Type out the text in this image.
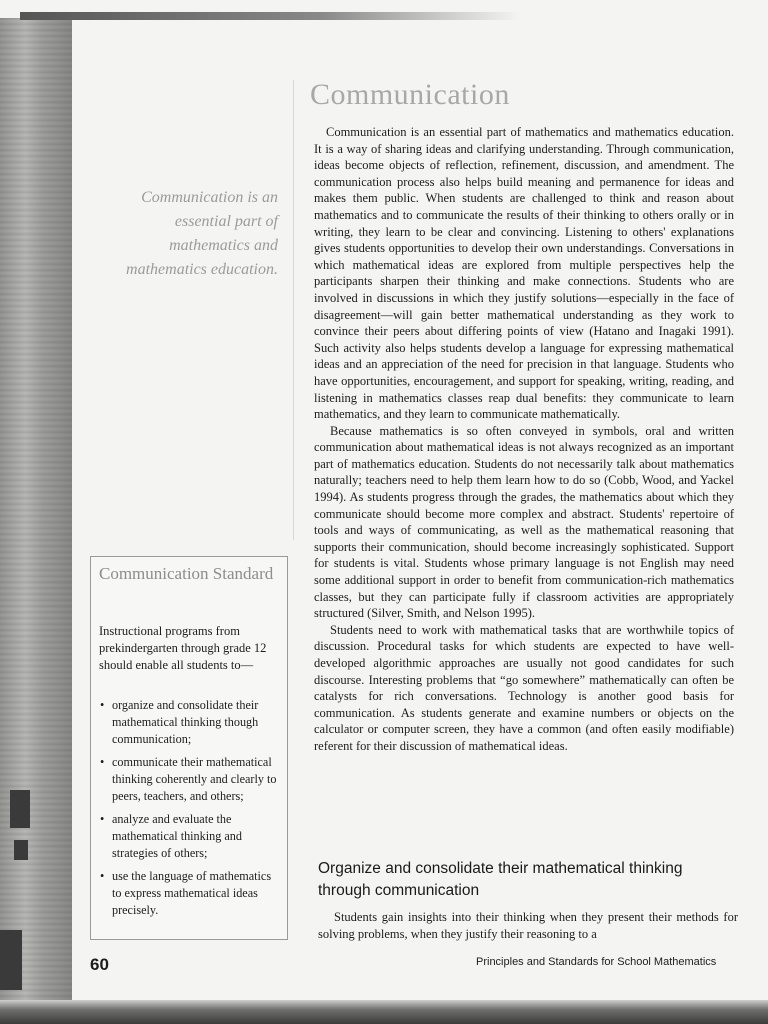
Communication is an
essential part of
mathematics and
mathematics education.
Communication

Communication is an essential part of mathematics and mathematics education. It is a way of sharing ideas and clarifying understanding. Through communication, ideas become objects of reflection, refinement, discussion, and amendment. The communication process also helps build meaning and permanence for ideas and makes them public. When students are challenged to think and reason about mathematics and to communicate the results of their thinking to others orally or in writing, they learn to be clear and convincing. Listening to others' explanations gives students opportunities to develop their own understandings. Conversations in which mathematical ideas are explored from multiple perspectives help the participants sharpen their thinking and make connections. Students who are involved in discussions in which they justify solutions—especially in the face of disagreement—will gain better mathematical understanding as they work to convince their peers about differing points of view (Hatano and Inagaki 1991). Such activity also helps students develop a language for expressing mathematical ideas and an appreciation of the need for precision in that language. Students who have opportunities, encouragement, and support for speaking, writing, reading, and listening in mathematics classes reap dual benefits: they communicate to learn mathematics, and they learn to communicate mathematically.

Because mathematics is so often conveyed in symbols, oral and written communication about mathematical ideas is not always recognized as an important part of mathematics education. Students do not necessarily talk about mathematics naturally; teachers need to help them learn how to do so (Cobb, Wood, and Yackel 1994). As students progress through the grades, the mathematics about which they communicate should become more complex and abstract. Students' repertoire of tools and ways of communicating, as well as the mathematical reasoning that supports their communication, should become increasingly sophisticated. Support for students is vital. Students whose primary language is not English may need some additional support in order to benefit from communication-rich mathematics classes, but they can participate fully if classroom activities are appropriately structured (Silver, Smith, and Nelson 1995).

Students need to work with mathematical tasks that are worthwhile topics of discussion. Procedural tasks for which students are expected to have well-developed algorithmic approaches are usually not good candidates for such discourse. Interesting problems that “go somewhere” mathematically can often be catalysts for rich conversations. Technology is another good basis for communication. As students generate and examine numbers or objects on the calculator or computer screen, they have a common (and often easily modifiable) referent for their discussion of mathematical ideas.

Organize and consolidate their mathematical thinking through communication
Students gain insights into their thinking when they present their methods for solving problems, when they justify their reasoning to a
Communication Standard
Instructional programs from prekindergarten through grade 12 should enable all students to—
• organize and consolidate their mathematical thinking though communication;
• communicate their mathematical thinking coherently and clearly to peers, teachers, and others;
• analyze and evaluate the mathematical thinking and strategies of others;
• use the language of mathematics to express mathematical ideas precisely.
60	Principles and Standards for School Mathematics
